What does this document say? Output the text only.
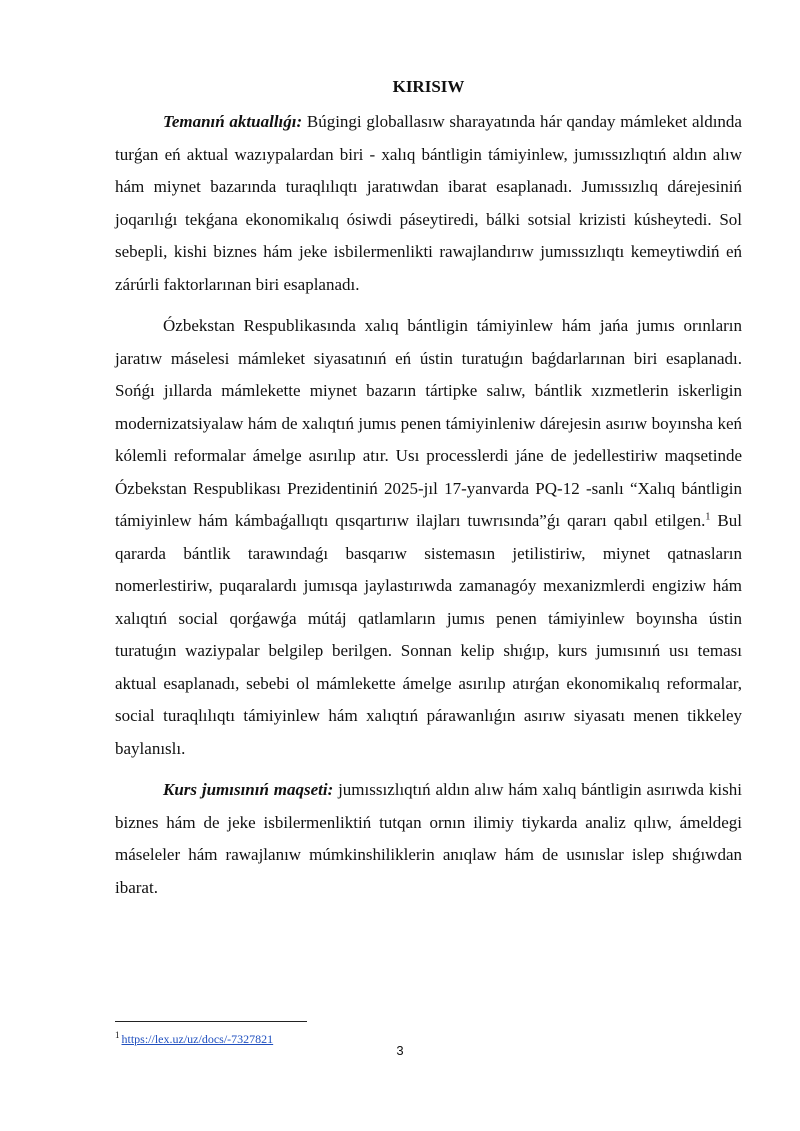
KIRISIW

Temanıń aktuallıǵı: Búgingi globallasıw sharayatında hár qanday mámleket aldında turǵan eń aktual wazıypalardan biri - xalıq bántligin támiyinlew, jumıssızlıqtıń aldın alıw hám miynet bazarında turaqlılıqtı jaratıwdan ibarat esaplanadı. Jumıssızlıq dárejesiniń joqarılıǵı tekǵana ekonomikalıq ósiwdi páseytiredi, bálki sotsial krizisti kúsheytedi. Sol sebepli, kishi biznes hám jeke isbilermenlikti rawajlandırıw jumıssızlıqtı kemeytiwdiń eń zárúrli faktorlarınan biri esaplanadı.

Ózbekstan Respublikasında xalıq bántligin támiyinlew hám jańa jumıs orınların jaratıw máselesi mámleket siyasatınıń eń ústin turatuǵın baǵdarlarınan biri esaplanadı. Sońǵı jıllarda mámlekette miynet bazarın tártipke salıw, bántlik xızmetlerin iskerligin modernizatsiyalaw hám de xalıqtıń jumıs penen támiyinleniw dárejesin asırıw boyınsha keń kólemli reformalar ámelge asırılıp atır. Usı processlerdi jáne de jedellestiriw maqsetinde Ózbekstan Respublikası Prezidentiniń 2025-jıl 17-yanvarda PQ-12 -sanlı “Xalıq bántligin támiyinlew hám kámbaǵallıqtı qısqartırıw ilajları tuwrısında”ǵı qararı qabıl etilgen.$^1$ Bul qararda bántlik tarawındaǵı basqarıw sistemasın jetilistiriw, miynet qatnasların nomerlestiriw, puqaralardı jumısqa jaylastırıwda zamanagóy mexanizmlerdi engiziw hám xalıqtıń social qorǵawǵa mútáj qatlamların jumıs penen támiyinlew boyınsha ústin turatuǵın waziypalar belgilep berilgen. Sonnan kelip shıǵıp, kurs jumısınıń usı teması aktual esaplanadı, sebebi ol mámlekette ámelge asırılıp atırǵan ekonomikalıq reformalar, social turaqlılıqtı támiyinlew hám xalıqtıń párawanlıǵın asırıw siyasatı menen tikkeley baylanıslı.

Kurs jumısınıń maqseti: jumıssızlıqtıń aldın alıw hám xalıq bántligin asırıwda kishi biznes hám de jeke isbilermenliktiń tutqan ornın ilimiy tiykarda analiz qılıw, ámeldegi máseleler hám rawajlanıw múmkinshiliklerin anıqlaw hám de usınıslar islep shıǵıwdan ibarat.

$^1$ https://lex.uz/uz/docs/-7327821
3
